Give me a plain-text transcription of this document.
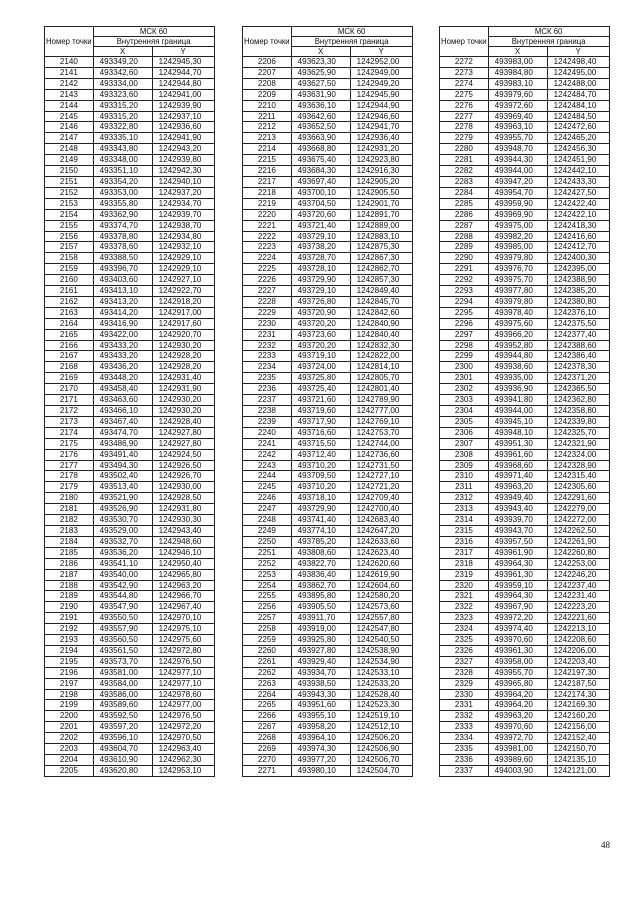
Номер точки	МСК 60	
	Внутренняя граница	
	X	Y
2140	493349,20	1242945,30
2141	493342,60	1242944,70
2142	493334,00	1242944,80
2143	493323,60	1242941,00
2144	493315,20	1242939,90
2145	493315,20	1242937,10
2146	493322,80	1242936,60
2147	493335,10	1242941,90
2148	493343,80	1242943,20
2149	493348,00	1242939,80
2150	493351,10	1242942,30
2151	493354,20	1242940,10
2152	493353,00	1242937,20
2153	493355,80	1242934,70
2154	493362,90	1242939,70
2155	493374,70	1242938,70
2156	493378,80	1242934,80
2157	493378,60	1242932,10
2158	493388,50	1242929,10
2159	493396,70	1242929,10
2160	493403,60	1242927,10
2161	493413,10	1242922,70
2162	493413,20	1242918,20
2163	493414,20	1242917,00
2164	493416,90	1242917,60
2165	493422,00	1242920,70
2166	493433,20	1242930,20
2167	493433,20	1242928,20
2168	493436,20	1242928,20
2169	493448,20	1242931,40
2170	493458,40	1242931,90
2171	493463,60	1242930,20
2172	493466,10	1242930,20
2173	493467,40	1242928,40
2174	493474,70	1242927,80
2175	493486,90	1242927,80
2176	493491,40	1242924,50
2177	493494,30	1242926,50
2178	493502,40	1242926,70
2179	493513,40	1242930,00
2180	493521,90	1242928,50
2181	493526,90	1242931,80
2182	493530,70	1242930,30
2183	493529,00	1242943,40
2184	493532,70	1242948,60
2185	493536,20	1242946,10
2186	493541,10	1242950,40
2187	493540,00	1242965,80
2188	493542,90	1242963,20
2189	493544,80	1242966,70
2190	493547,90	1242967,40
2191	493550,50	1242970,10
2192	493557,90	1242975,10
2193	493560,50	1242975,60
2194	493561,50	1242972,80
2195	493573,70	1242976,50
2196	493581,00	1242977,10
2197	493584,00	1242977,10
2198	493586,00	1242978,60
2199	493589,60	1242977,00
2200	493592,50	1242976,50
2201	493597,20	1242972,20
2202	493596,10	1242970,50
2203	493604,70	1242963,40
2204	493610,90	1242962,30
2205	493620,80	1242953,10
Номер точки	МСК 60	
	Внутренняя граница	
	X	Y
2206	493623,30	1242952,00
2207	493625,90	1242949,00
2208	493627,50	1242949,20
2209	493631,90	1242945,90
2210	493636,10	1242944,90
2211	493642,60	1242946,60
2212	493652,50	1242941,70
2213	493663,90	1242936,40
2214	493668,80	1242931,20
2215	493675,40	1242923,80
2216	493684,30	1242916,30
2217	493697,40	1242905,20
2218	493700,10	1242905,50
2219	493704,50	1242901,70
2220	493720,60	1242891,70
2221	493721,40	1242889,00
2222	493729,10	1242883,10
2223	493738,20	1242875,30
2224	493728,70	1242867,30
2225	493728,10	1242862,70
2226	493729,90	1242857,30
2227	493729,10	1242849,40
2228	493726,80	1242845,70
2229	493720,90	1242842,60
2230	493720,20	1242840,90
2231	493723,60	1242840,40
2232	493720,20	1242832,30
2233	493719,10	1242822,00
2234	493724,00	1242814,10
2235	493725,80	1242805,70
2236	493725,40	1242801,40
2237	493721,60	1242789,90
2238	493719,60	1242777,00
2239	493717,90	1242769,10
2240	493716,60	1242753,70
2241	493715,50	1242744,00
2242	493712,40	1242736,60
2243	493710,20	1242731,50
2244	493709,50	1242727,10
2245	493710,20	1242721,20
2246	493718,10	1242709,40
2247	493729,90	1242700,40
2248	493741,40	1242683,40
2249	493774,10	1242647,20
2250	493785,20	1242633,60
2251	493808,60	1242623,40
2252	493822,70	1242620,60
2253	493836,40	1242619,90
2254	493862,70	1242604,60
2255	493895,80	1242580,20
2256	493905,50	1242573,60
2257	493911,70	1242557,80
2258	493919,00	1242547,80
2259	493925,80	1242540,50
2260	493927,80	1242538,90
2261	493929,40	1242534,90
2262	493934,70	1242533,10
2263	493938,50	1242533,20
2264	493943,30	1242528,40
2265	493951,60	1242523,30
2266	493955,10	1242519,10
2267	493958,20	1242512,10
2268	493964,10	1242506,20
2269	493974,30	1242506,90
2270	493977,20	1242506,70
2271	493980,10	1242504,70
Номер точки	МСК 60	
	Внутренняя граница	
	X	Y
2272	493983,00	1242498,40
2273	493984,80	1242495,00
2274	493983,10	1242488,00
2275	493979,60	1242484,70
2276	493972,60	1242484,10
2277	493969,40	1242484,50
2278	493963,10	1242472,60
2279	493955,70	1242465,20
2280	493948,70	1242456,30
2281	493944,30	1242451,90
2282	493944,00	1242442,10
2283	493947,20	1242433,30
2284	493954,70	1242427,50
2285	493959,90	1242422,40
2286	493969,90	1242422,10
2287	493975,00	1242418,30
2288	493982,20	1242416,60
2289	493985,00	1242412,70
2290	493979,80	1242400,30
2291	493976,70	1242395,00
2292	493975,70	1242388,90
2293	493977,80	1242385,20
2294	493979,80	1242380,80
2295	493978,40	1242376,10
2296	493975,60	1242375,50
2297	493966,20	1242377,40
2298	493952,80	1242388,60
2299	493944,80	1242386,40
2300	493938,60	1242378,30
2301	493935,00	1242371,20
2302	493936,90	1242365,50
2303	493941,80	1242362,80
2304	493944,00	1242358,80
2305	493945,10	1242339,80
2306	493948,10	1242325,70
2307	493951,30	1242321,90
2308	493961,60	1242324,00
2309	493968,60	1242328,90
2310	493971,40	1242315,40
2311	493963,20	1242305,60
2312	493949,40	1242291,60
2313	493943,40	1242279,00
2314	493939,70	1242272,00
2315	493943,70	1242262,50
2316	493957,50	1242261,90
2317	493961,90	1242260,80
2318	493964,30	1242253,00
2319	493961,30	1242246,20
2320	493959,10	1242237,40
2321	493964,30	1242231,40
2322	493967,90	1242223,20
2323	493972,20	1242221,60
2324	493974,40	1242213,10
2325	493970,60	1242208,60
2326	493961,30	1242206,00
2327	493958,00	1242203,40
2328	493955,70	1242197,30
2329	493965,80	1242187,50
2330	493964,20	1242174,30
2331	493964,20	1242169,30
2332	493963,20	1242160,20
2333	493970,60	1242156,00
2334	493972,70	1242152,40
2335	493981,00	1242150,70
2336	493989,60	1242135,10
2337	494003,90	1242121,00
48
